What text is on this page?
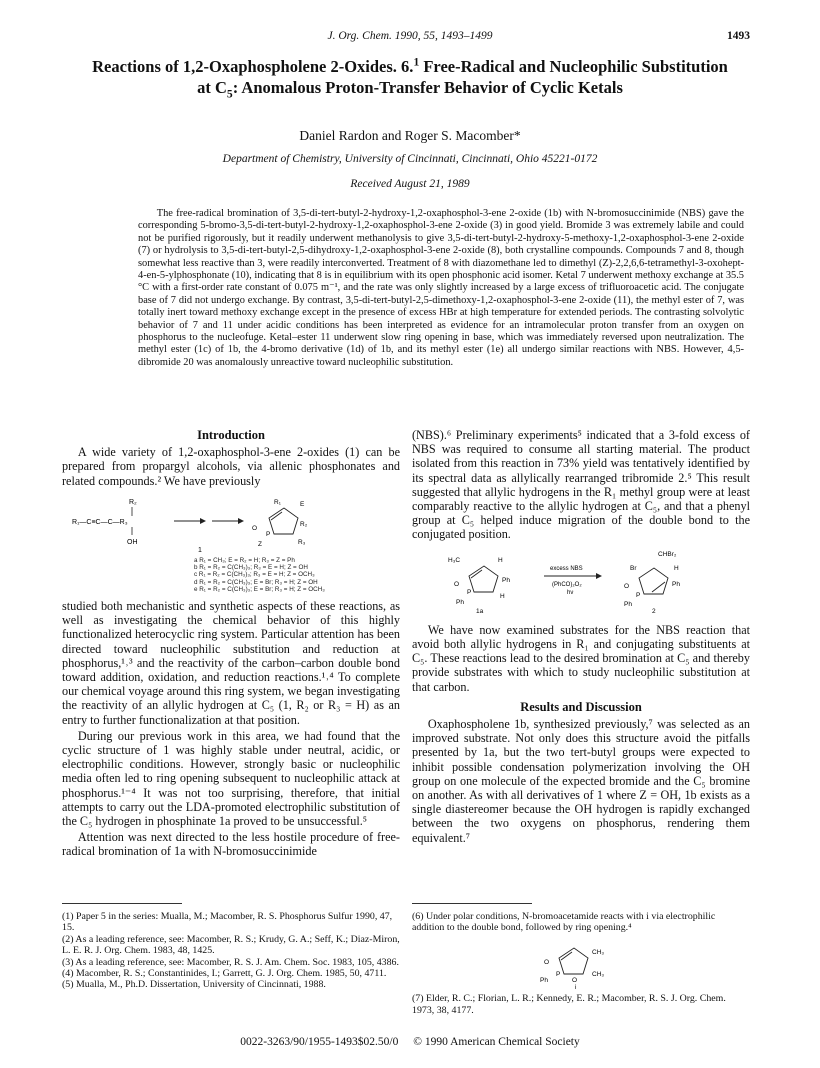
J. Org. Chem. 1990, 55, 1493–1499	1493
Reactions of 1,2-Oxaphospholene 2-Oxides. 6.$^1$ Free-Radical and Nucleophilic Substitution at $C_5$: Anomalous Proton-Transfer Behavior of Cyclic Ketals
Daniel Rardon and Roger S. Macomber*
Department of Chemistry, University of Cincinnati, Cincinnati, Ohio 45221-0172
Received August 21, 1989
The free-radical bromination of 3,5-di-tert-butyl-2-hydroxy-1,2-oxaphosphol-3-ene 2-oxide (1b) with N-bromosuccinimide (NBS) gave the corresponding 5-bromo-3,5-di-tert-butyl-2-hydroxy-1,2-oxaphosphol-3-ene 2-oxide (3) in good yield. Bromide 3 was extremely labile and could not be purified rigorously, but it readily underwent methanolysis to give 3,5-di-tert-butyl-2-hydroxy-5-methoxy-1,2-oxaphosphol-3-ene 2-oxide (7) or hydrolysis to 3,5-di-tert-butyl-2,5-dihydroxy-1,2-oxaphosphol-3-ene 2-oxide (8), both crystalline compounds. Compounds 7 and 8, though somewhat less reactive than 3, were readily interconverted. Treatment of 8 with diazomethane led to dimethyl (Z)-2,2,6,6-tetramethyl-3-oxohept-4-en-5-ylphosphonate (10), indicating that 8 is in equilibrium with its open phosphonic acid isomer. Ketal 7 underwent methoxy exchange at 35.5 °C with a first-order rate constant of 0.075 m⁻¹, and the rate was only slightly increased by a large excess of trifluoroacetic acid. The conjugate base of 7 did not undergo exchange. By contrast, 3,5-di-tert-butyl-2,5-dimethoxy-1,2-oxaphosphol-3-ene 2-oxide (11), the methyl ester of 7, was totally inert toward methoxy exchange except in the presence of excess HBr at high temperature for extended periods. The contrasting solvolytic behavior of 7 and 11 under acidic conditions has been interpreted as evidence for an intramolecular proton transfer from an oxygen on phosphorus to the nucleofuge. Ketal–ester 11 underwent slow ring opening in base, which was immediately reversed upon neutralization. The methyl ester (1c) of 1b, the 4-bromo derivative (1d) of 1b, and its methyl ester (1e) all undergo similar reactions with NBS. However, 4,5-dibromide 20 was anomalously unreactive toward nucleophilic substitution.
Introduction

A wide variety of 1,2-oxaphosphol-3-ene 2-oxides (1) can be prepared from propargyl alcohols, via allenic phosphonates and related compounds.² We have previously

R₂
R₁—C≡C—C—R₃
OH
R₁	E
O
P
Z
R₂
R₃
1
a R₁ = CH₃; E = R₂ = H; R₃ = Z = Ph
b R₁ = R₂ = C(CH₃)₃; R₃ = E = H; Z = OH
c R₁ = R₂ = C(CH₃)₃; R₃ = E = H; Z = OCH₃
d R₁ = R₂ = C(CH₃)₃; E = Br; R₃ = H; Z = OH
e R₁ = R₂ = C(CH₃)₃; E = Br; R₃ = H; Z = OCH₃

studied both mechanistic and synthetic aspects of these reactions, as well as investigating the chemical behavior of this highly functionalized heterocyclic ring system. Particular attention has been directed toward nucleophilic substitution and reduction at phosphorus,¹˒³ and the reactivity of the carbon–carbon double bond toward addition, oxidation, and reduction reactions.¹˒⁴ To complete our chemical voyage around this ring system, we began investigating the reactivity of an allylic hydrogen at C₅ (1, R₂ or R₃ = H) as an entry to further functionalization at that position.

During our previous work in this area, we had found that the cyclic structure of 1 was highly stable under neutral, acidic, or electrophilic conditions. However, strongly basic or nucleophilic media often led to ring opening subsequent to nucleophilic attack at phosphorus.¹⁻⁴ It was not too surprising, therefore, that initial attempts to carry out the LDA-promoted electrophilic substitution of the C₅ hydrogen in phosphinate 1a proved to be unsuccessful.⁵

Attention was next directed to the less hostile procedure of free-radical bromination of 1a with N-bromosuccinimide

(NBS).⁶ Preliminary experiments⁵ indicated that a 3-fold excess of NBS was required to consume all starting material. The product isolated from this reaction in 73% yield was tentatively identified by its spectral data as allylically rearranged tribromide 2.⁵ This result suggested that allylic hydrogens in the R₁ methyl group were at least comparably reactive to the allylic hydrogen at C₅, and that a phenyl group at C₅ helped induce migration of the double bond to the conjugated position.

H₃C	H
O
P
Ph
Ph
H
excess NBS
(PhCO)₂O₂
hν
CHBr₂
Br	H
O
P
Ph
Ph
1a	2

We have now examined substrates for the NBS reaction that avoid both allylic hydrogens in R₁ and conjugating substituents at C₅. These reactions lead to the desired bromination at C₅ and thereby provide substrates with which to study nucleophilic substitution at that carbon.

Results and Discussion

Oxaphospholene 1b, synthesized previously,⁷ was selected as an improved substrate. Not only does this structure avoid the pitfalls presented by 1a, but the two tert-butyl groups were expected to inhibit possible condensation polymerization involving the OH group on one molecule of the expected bromide and the C₅ bromine on another. As with all derivatives of 1 where Z = OH, 1b exists as a single diastereomer because the OH hydrogen is rapidly exchanged between the two oxygens on phosphorus, rendering them equivalent.⁷

(1) Paper 5 in the series: Mualla, M.; Macomber, R. S. Phosphorus Sulfur 1990, 47, 15.
(2) As a leading reference, see: Macomber, R. S.; Krudy, G. A.; Seff, K.; Diaz-Miron, L. E. R. J. Org. Chem. 1983, 48, 1425.
(3) As a leading reference, see: Macomber, R. S. J. Am. Chem. Soc. 1983, 105, 4386.
(4) Macomber, R. S.; Constantinides, I.; Garrett, G. J. Org. Chem. 1985, 50, 4711.
(5) Mualla, M., Ph.D. Dissertation, University of Cincinnati, 1988.
(6) Under polar conditions, N-bromoacetamide reacts with i via electrophilic addition to the double bond, followed by ring opening.⁴
O
P
Ph	O
CH₃
CH₃
i
(7) Elder, R. C.; Florian, L. R.; Kennedy, E. R.; Macomber, R. S. J. Org. Chem. 1973, 38, 4177.
0022-3263/90/1955-1493$02.50/0 © 1990 American Chemical Society
